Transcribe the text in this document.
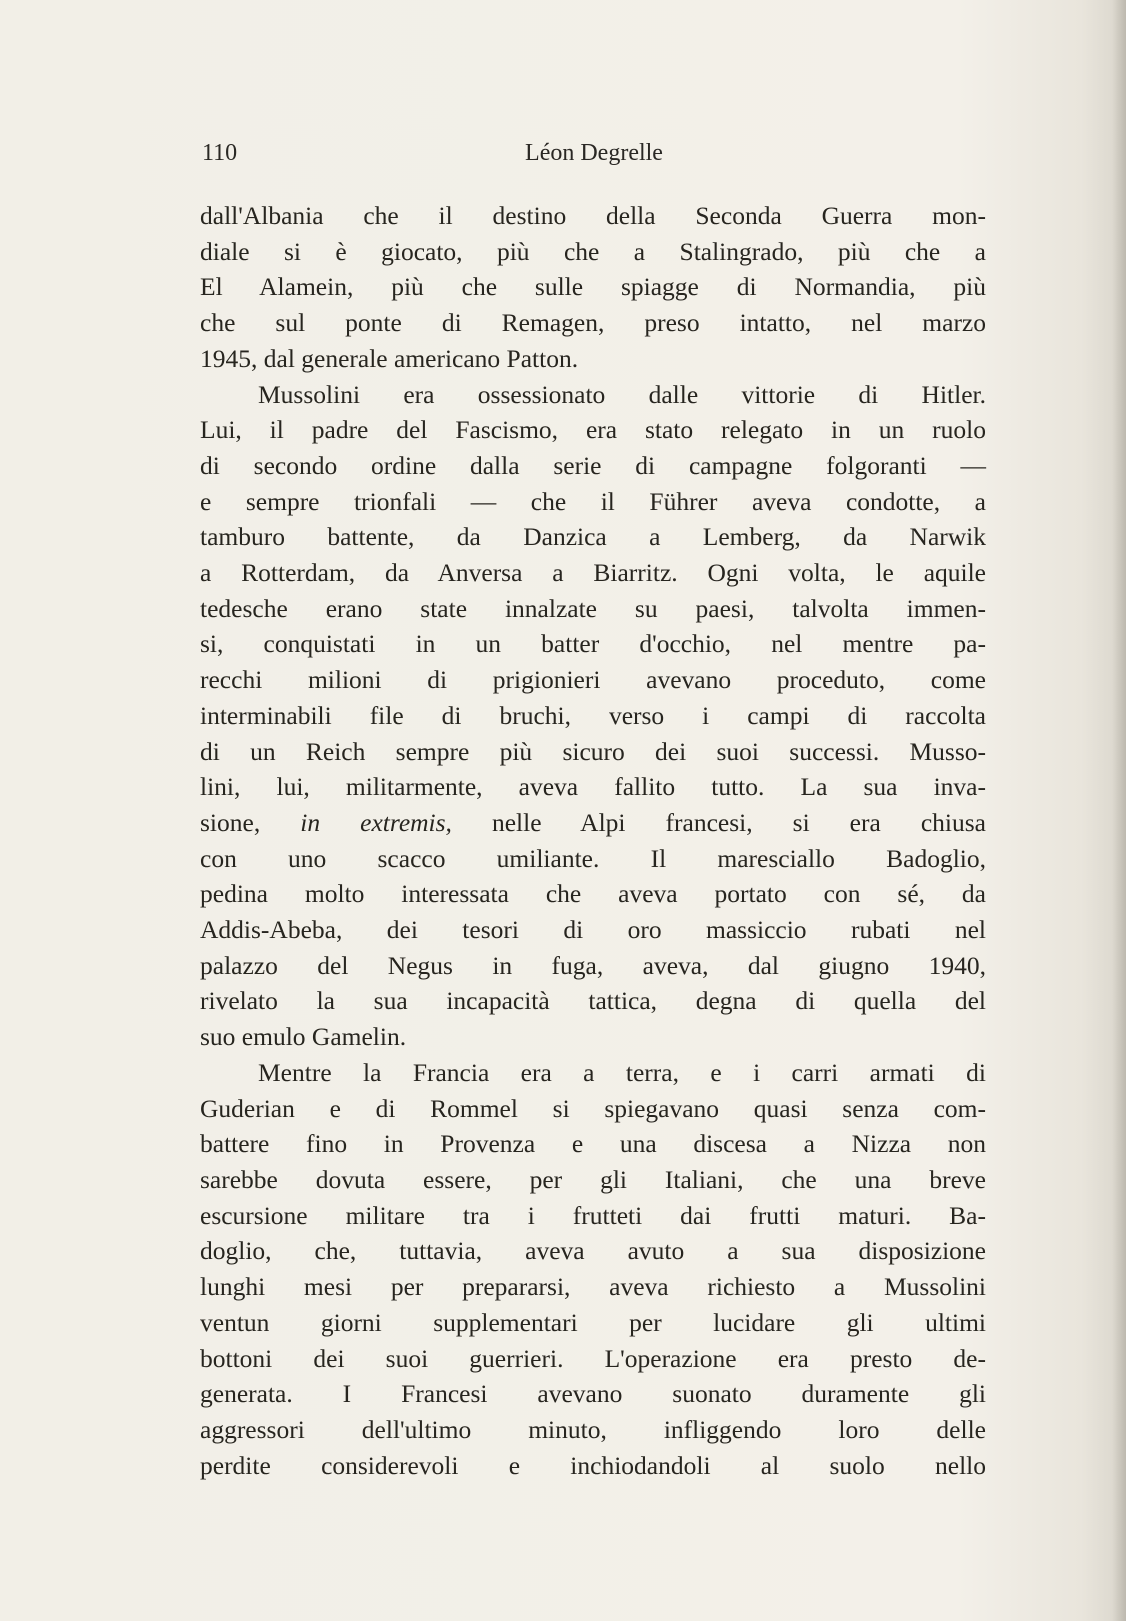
110	Léon Degrelle

dall'Albania che il destino della Seconda Guerra mon-
diale si è giocato, più che a Stalingrado, più che a
El Alamein, più che sulle spiagge di Normandia, più
che sul ponte di Remagen, preso intatto, nel marzo
1945, dal generale americano Patton.

Mussolini era ossessionato dalle vittorie di Hitler.
Lui, il padre del Fascismo, era stato relegato in un ruolo
di secondo ordine dalla serie di campagne folgoranti —
e sempre trionfali — che il Führer aveva condotte, a
tamburo battente, da Danzica a Lemberg, da Narwik
a Rotterdam, da Anversa a Biarritz. Ogni volta, le aquile
tedesche erano state innalzate su paesi, talvolta immen-
si, conquistati in un batter d'occhio, nel mentre pa-
recchi milioni di prigionieri avevano proceduto, come
interminabili file di bruchi, verso i campi di raccolta
di un Reich sempre più sicuro dei suoi successi. Musso-
lini, lui, militarmente, aveva fallito tutto. La sua inva-
sione, in extremis, nelle Alpi francesi, si era chiusa
con uno scacco umiliante. Il maresciallo Badoglio,
pedina molto interessata che aveva portato con sé, da
Addis-Abeba, dei tesori di oro massiccio rubati nel
palazzo del Negus in fuga, aveva, dal giugno 1940,
rivelato la sua incapacità tattica, degna di quella del
suo emulo Gamelin.

Mentre la Francia era a terra, e i carri armati di
Guderian e di Rommel si spiegavano quasi senza com-
battere fino in Provenza e una discesa a Nizza non
sarebbe dovuta essere, per gli Italiani, che una breve
escursione militare tra i frutteti dai frutti maturi. Ba-
doglio, che, tuttavia, aveva avuto a sua disposizione
lunghi mesi per prepararsi, aveva richiesto a Mussolini
ventun giorni supplementari per lucidare gli ultimi
bottoni dei suoi guerrieri. L'operazione era presto de-
generata. I Francesi avevano suonato duramente gli
aggressori dell'ultimo minuto, infliggendo loro delle
perdite considerevoli e inchiodandoli al suolo nello
